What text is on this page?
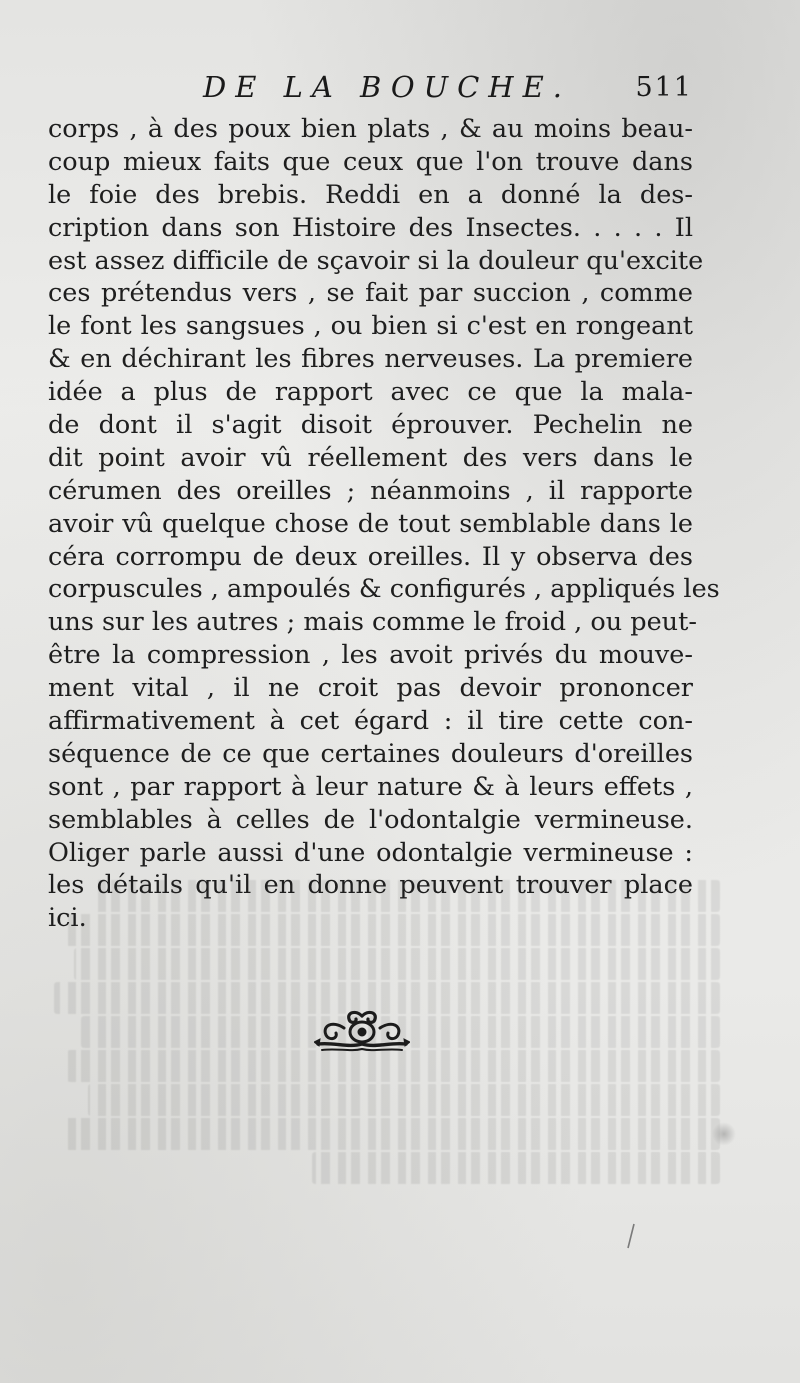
DE LA BOUCHE. 511
corps , à des poux bien plats , & au moins beau-
coup mieux faits que ceux que l'on trouve dans
le foie des brebis. Reddi en a donné la des-
cription dans son Histoire des Insectes. . . . . Il
est assez difficile de sçavoir si la douleur qu'excite
ces prétendus vers , se fait par succion , comme
le font les sangsues , ou bien si c'est en rongeant
& en déchirant les fibres nerveuses. La premiere
idée a plus de rapport avec ce que la mala-
de dont il s'agit disoit éprouver. Pechelin ne
dit point avoir vû réellement des vers dans le
cérumen des oreilles ; néanmoins , il rapporte
avoir vû quelque chose de tout semblable dans le
céra corrompu de deux oreilles. Il y observa des
corpuscules , ampoulés & configurés , appliqués les
uns sur les autres ; mais comme le froid , ou peut-
être la compression , les avoit privés du mouve-
ment vital , il ne croit pas devoir prononcer
affirmativement à cet égard : il tire cette con-
séquence de ce que certaines douleurs d'oreilles
sont , par rapport à leur nature & à leurs effets ,
semblables à celles de l'odontalgie vermineuse.
Oliger parle aussi d'une odontalgie vermineuse :
les détails qu'il en donne peuvent trouver place
ici.
